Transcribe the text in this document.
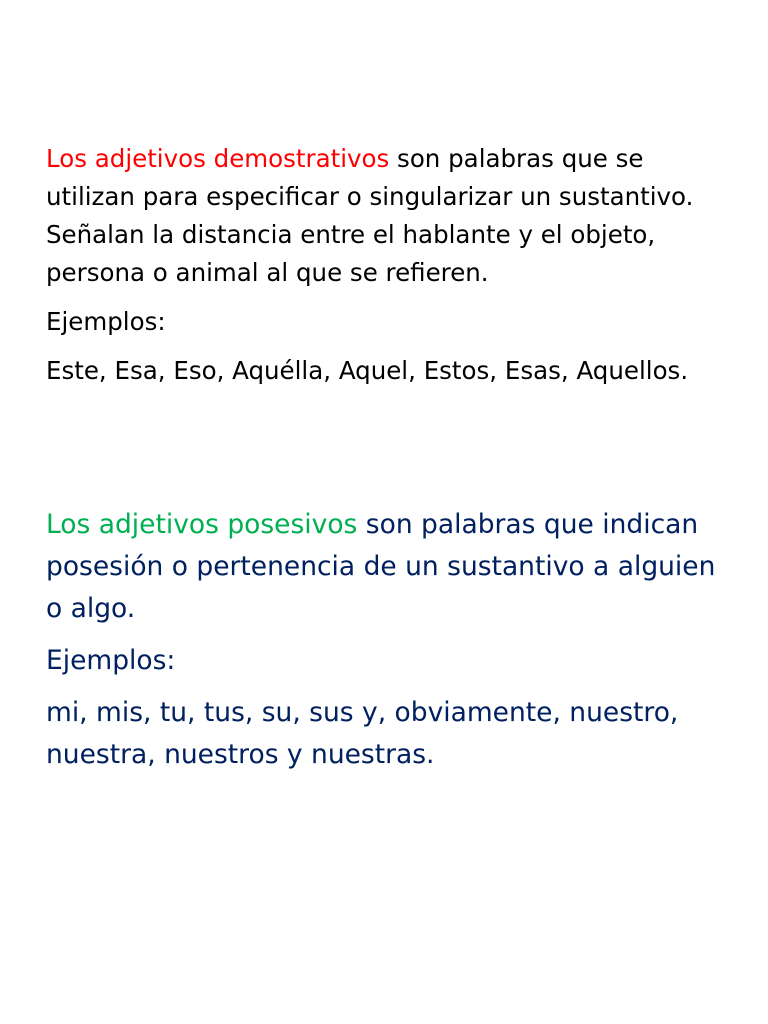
Los adjetivos demostrativos son palabras que se utilizan para especificar o singularizar un sustantivo. Señalan la distancia entre el hablante y el objeto, persona o animal al que se refieren.

Ejemplos:

Este, Esa, Eso, Aquélla, Aquel, Estos, Esas, Aquellos.

Los adjetivos posesivos son palabras que indican posesión o pertenencia de un sustantivo a alguien o algo.

Ejemplos:

mi, mis, tu, tus, su, sus y, obviamente, nuestro, nuestra, nuestros y nuestras.
